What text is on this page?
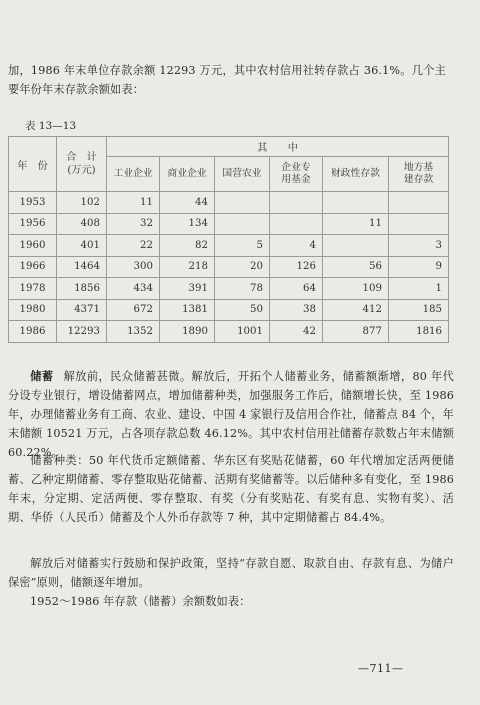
加，1986 年末单位存款余额 12293 万元，其中农村信用社转存款占 36.1%。几个主要年份年末存款余额如表：

表 13—13
年　份	合　计
(万元)	其　　中					
		工业企业	商业企业	国营农业	企业专
用基金	财政性存款	地方基
建存款
1953	102	11	44				
1956	408	32	134			11	
1960	401	22	82	5	4		3
1966	1464	300	218	20	126	56	9
1978	1856	434	391	78	64	109	1
1980	4371	672	1381	50	38	412	185
1986	12293	1352	1890	1001	42	877	1816

储蓄 解放前，民众储蓄甚微。解放后，开拓个人储蓄业务，储蓄额渐增，80 年代分设专业银行，增设储蓄网点，增加储蓄种类，加强服务工作后，储额增长快，至 1986 年，办理储蓄业务有工商、农业、建设、中国 4 家银行及信用合作社，储蓄点 84 个，年末储额 10521 万元，占各项存款总数 46.12%。其中农村信用社储蓄存款数占年末储额 60.22%。

储蓄种类：50 年代货币定额储蓄、华东区有奖贴花储蓄，60 年代增加定活两便储蓄、乙种定期储蓄、零存整取贴花储蓄、活期有奖储蓄等。以后储种多有变化，至 1986 年末，分定期、定活两便、零存整取、有奖（分有奖贴花、有奖有息、实物有奖）、活期、华侨（人民币）储蓄及个人外币存款等 7 种，其中定期储蓄占 84.4%。

解放后对储蓄实行鼓励和保护政策，坚持“存款自愿、取款自由、存款有息、为储户保密”原则，储额逐年增加。

1952～1986 年存款（储蓄）余额数如表：

—711—
